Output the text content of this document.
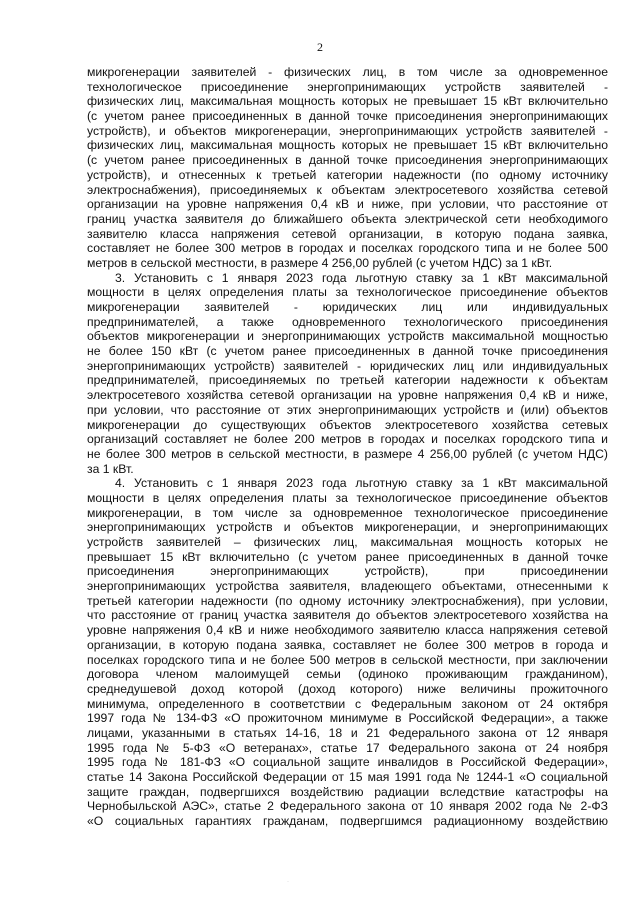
2
микрогенерации заявителей - физических лиц, в том числе за одновременное
технологическое присоединение энергопринимающих устройств заявителей -
физических лиц, максимальная мощность которых не превышает 15 кВт включительно
(с учетом ранее присоединенных в данной точке присоединения энергопринимающих
устройств), и объектов микрогенерации, энергопринимающих устройств заявителей -
физических лиц, максимальная мощность которых не превышает 15 кВт включительно
(с учетом ранее присоединенных в данной точке присоединения энергопринимающих
устройств), и отнесенных к третьей категории надежности (по одному источнику
электроснабжения), присоединяемых к объектам электросетевого хозяйства сетевой
организации на уровне напряжения 0,4 кВ и ниже, при условии, что расстояние от
границ участка заявителя до ближайшего объекта электрической сети необходимого
заявителю класса напряжения сетевой организации, в которую подана заявка,
составляет не более 300 метров в городах и поселках городского типа и не более 500
метров в сельской местности, в размере 4 256,00 рублей (с учетом НДС) за 1 кВт.
3. Установить с 1 января 2023 года льготную ставку за 1 кВт максимальной
мощности в целях определения платы за технологическое присоединение объектов
микрогенерации заявителей - юридических лиц или индивидуальных
предпринимателей, а также одновременного технологического присоединения
объектов микрогенерации и энергопринимающих устройств максимальной мощностью
не более 150 кВт (с учетом ранее присоединенных в данной точке присоединения
энергопринимающих устройств) заявителей - юридических лиц или индивидуальных
предпринимателей, присоединяемых по третьей категории надежности к объектам
электросетевого хозяйства сетевой организации на уровне напряжения 0,4 кВ и ниже,
при условии, что расстояние от этих энергопринимающих устройств и (или) объектов
микрогенерации до существующих объектов электросетевого хозяйства сетевых
организаций составляет не более 200 метров в городах и поселках городского типа и
не более 300 метров в сельской местности, в размере 4 256,00 рублей (с учетом НДС)
за 1 кВт.
4. Установить с 1 января 2023 года льготную ставку за 1 кВт максимальной
мощности в целях определения платы за технологическое присоединение объектов
микрогенерации, в том числе за одновременное технологическое присоединение
энергопринимающих устройств и объектов микрогенерации, и энергопринимающих
устройств заявителей – физических лиц, максимальная мощность которых не
превышает 15 кВт включительно (с учетом ранее присоединенных в данной точке
присоединения энергопринимающих устройств), при присоединении
энергопринимающих устройства заявителя, владеющего объектами, отнесенными к
третьей категории надежности (по одному источнику электроснабжения), при условии,
что расстояние от границ участка заявителя до объектов электросетевого хозяйства на
уровне напряжения 0,4 кВ и ниже необходимого заявителю класса напряжения сетевой
организации, в которую подана заявка, составляет не более 300 метров в города и
поселках городского типа и не более 500 метров в сельской местности, при заключении
договора членом малоимущей семьи (одиноко проживающим гражданином),
среднедушевой доход которой (доход которого) ниже величины прожиточного
минимума, определенного в соответствии с Федеральным законом от 24 октября
1997 года № 134-ФЗ «О прожиточном минимуме в Российской Федерации», а также
лицами, указанными в статьях 14-16, 18 и 21 Федерального закона от 12 января
1995 года № 5-ФЗ «О ветеранах», статье 17 Федерального закона от 24 ноября
1995 года № 181-ФЗ «О социальной защите инвалидов в Российской Федерации»,
статье 14 Закона Российской Федерации от 15 мая 1991 года № 1244-1 «О социальной
защите граждан, подвергшихся воздействию радиации вследствие катастрофы на
Чернобыльской АЭС», статье 2 Федерального закона от 10 января 2002 года № 2-ФЗ
«О социальных гарантиях гражданам, подвергшимся радиационному воздействию
·
